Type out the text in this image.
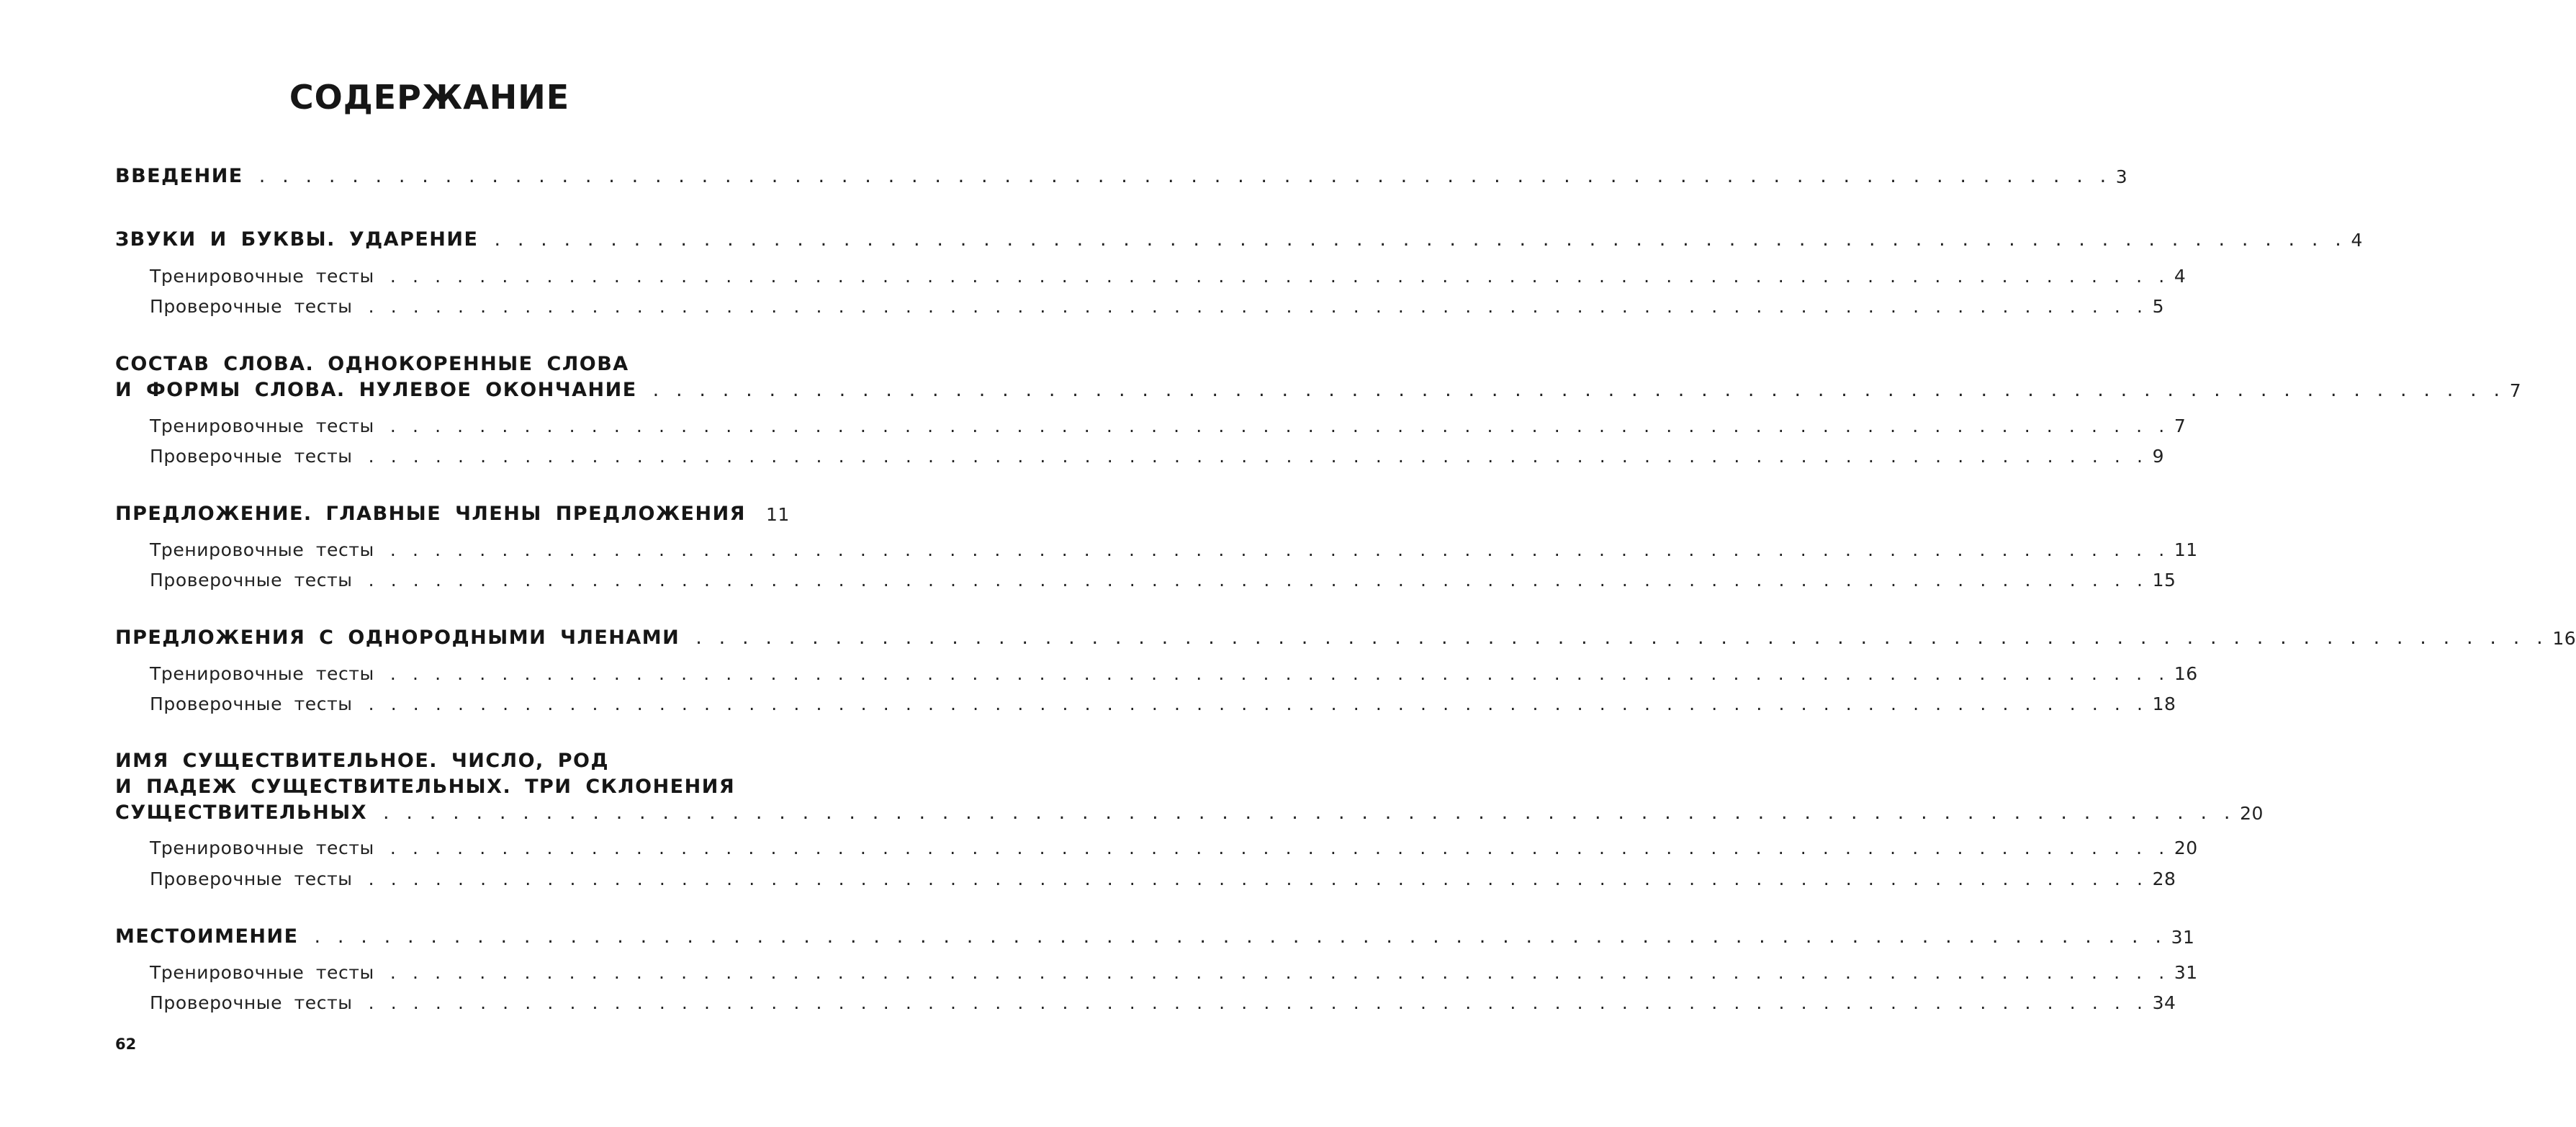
СОДЕРЖАНИЕ
ВВЕДЕНИЕ . . . . . . . . . . . . . . . . . . . . . . . . . . . . . . . . . . . . . . . . . . . . . . . . . . . . . . . . . . . . . . . . . . . . . . . . . . . . . . . . 3
ЗВУКИ И БУКВЫ. УДАРЕНИЕ . . . . . . . . . . . . . . . . . . . . . . . . . . . . . . . . . . . . . . . . . . . . . . . . . . . . . . . . . . . . . . . . . . . . . . . . . . . . . . . . 4
Тренировочные тесты . . . . . . . . . . . . . . . . . . . . . . . . . . . . . . . . . . . . . . . . . . . . . . . . . . . . . . . . . . . . . . . . . . . . . . . . . . . . . . . . 4
Проверочные тесты . . . . . . . . . . . . . . . . . . . . . . . . . . . . . . . . . . . . . . . . . . . . . . . . . . . . . . . . . . . . . . . . . . . . . . . . . . . . . . . . 5
СОСТАВ СЛОВА. ОДНОКОРЕННЫЕ СЛОВА
И ФОРМЫ СЛОВА. НУЛЕВОЕ ОКОНЧАНИЕ . . . . . . . . . . . . . . . . . . . . . . . . . . . . . . . . . . . . . . . . . . . . . . . . . . . . . . . . . . . . . . . . . . . . . . . . . . . . . . . . 7
Тренировочные тесты . . . . . . . . . . . . . . . . . . . . . . . . . . . . . . . . . . . . . . . . . . . . . . . . . . . . . . . . . . . . . . . . . . . . . . . . . . . . . . . . 7
Проверочные тесты . . . . . . . . . . . . . . . . . . . . . . . . . . . . . . . . . . . . . . . . . . . . . . . . . . . . . . . . . . . . . . . . . . . . . . . . . . . . . . . . 9
ПРЕДЛОЖЕНИЕ. ГЛАВНЫЕ ЧЛЕНЫ ПРЕДЛОЖЕНИЯ 11
Тренировочные тесты . . . . . . . . . . . . . . . . . . . . . . . . . . . . . . . . . . . . . . . . . . . . . . . . . . . . . . . . . . . . . . . . . . . . . . . . . . . . . . . . 11
Проверочные тесты . . . . . . . . . . . . . . . . . . . . . . . . . . . . . . . . . . . . . . . . . . . . . . . . . . . . . . . . . . . . . . . . . . . . . . . . . . . . . . . . 15
ПРЕДЛОЖЕНИЯ С ОДНОРОДНЫМИ ЧЛЕНАМИ . . . . . . . . . . . . . . . . . . . . . . . . . . . . . . . . . . . . . . . . . . . . . . . . . . . . . . . . . . . . . . . . . . . . . . . . . . . . . . . . 16
Тренировочные тесты . . . . . . . . . . . . . . . . . . . . . . . . . . . . . . . . . . . . . . . . . . . . . . . . . . . . . . . . . . . . . . . . . . . . . . . . . . . . . . . . 16
Проверочные тесты . . . . . . . . . . . . . . . . . . . . . . . . . . . . . . . . . . . . . . . . . . . . . . . . . . . . . . . . . . . . . . . . . . . . . . . . . . . . . . . . 18
ИМЯ СУЩЕСТВИТЕЛЬНОЕ. ЧИСЛО, РОД
И ПАДЕЖ СУЩЕСТВИТЕЛЬНЫХ. ТРИ СКЛОНЕНИЯ
СУЩЕСТВИТЕЛЬНЫХ . . . . . . . . . . . . . . . . . . . . . . . . . . . . . . . . . . . . . . . . . . . . . . . . . . . . . . . . . . . . . . . . . . . . . . . . . . . . . . . . 20
Тренировочные тесты . . . . . . . . . . . . . . . . . . . . . . . . . . . . . . . . . . . . . . . . . . . . . . . . . . . . . . . . . . . . . . . . . . . . . . . . . . . . . . . . 20
Проверочные тесты . . . . . . . . . . . . . . . . . . . . . . . . . . . . . . . . . . . . . . . . . . . . . . . . . . . . . . . . . . . . . . . . . . . . . . . . . . . . . . . . 28
МЕСТОИМЕНИЕ . . . . . . . . . . . . . . . . . . . . . . . . . . . . . . . . . . . . . . . . . . . . . . . . . . . . . . . . . . . . . . . . . . . . . . . . . . . . . . . . 31
Тренировочные тесты . . . . . . . . . . . . . . . . . . . . . . . . . . . . . . . . . . . . . . . . . . . . . . . . . . . . . . . . . . . . . . . . . . . . . . . . . . . . . . . . 31
Проверочные тесты . . . . . . . . . . . . . . . . . . . . . . . . . . . . . . . . . . . . . . . . . . . . . . . . . . . . . . . . . . . . . . . . . . . . . . . . . . . . . . . . 34
62
